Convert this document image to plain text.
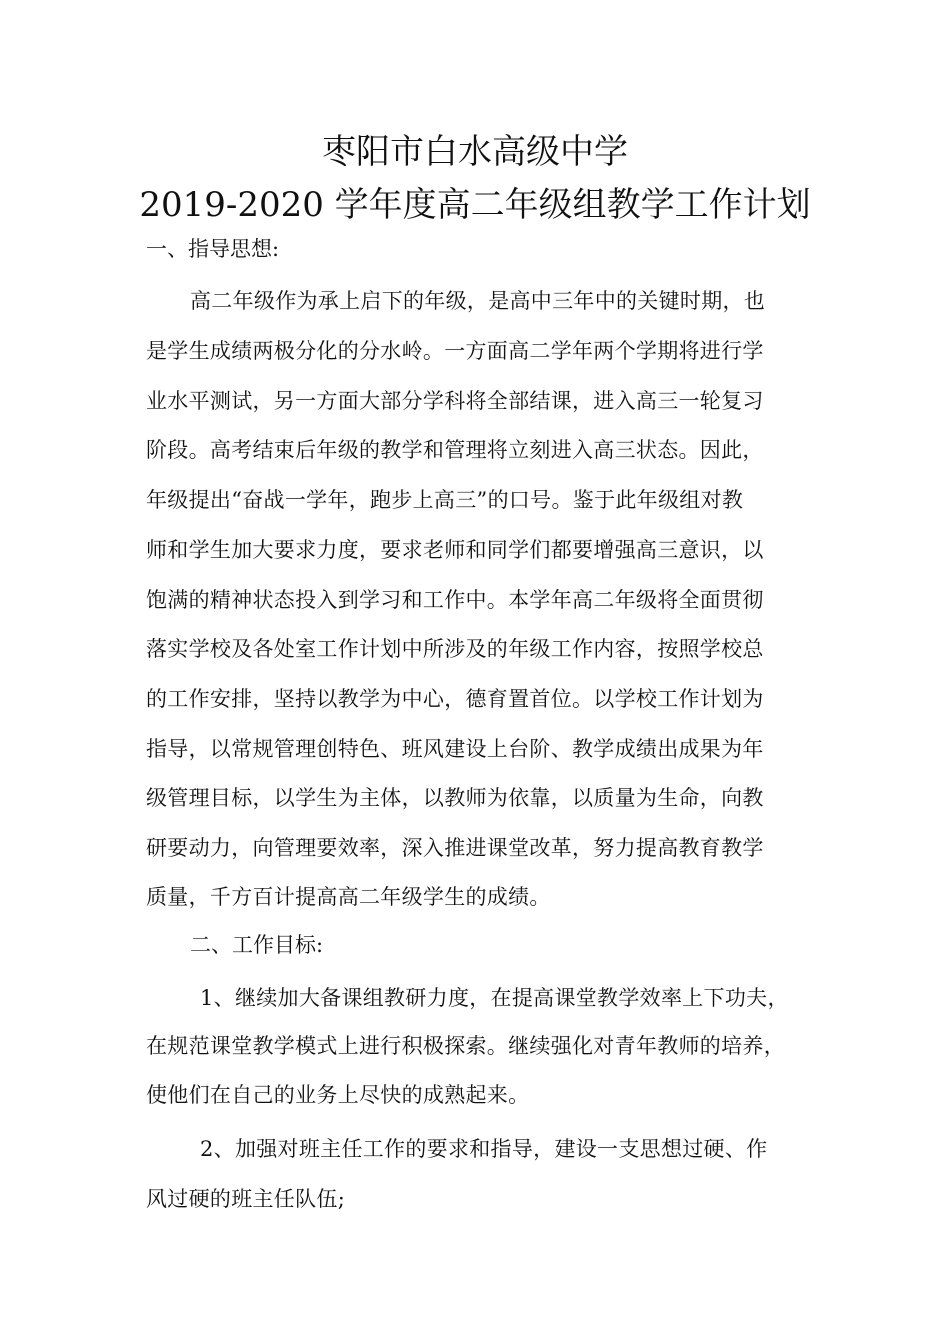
枣阳市白水高级中学
2019-2020 学年度高二年级组教学工作计划
一、指导思想:
高二年级作为承上启下的年级，是高中三年中的关键时期，也
是学生成绩两极分化的分水岭。一方面高二学年两个学期将进行学
业水平测试，另一方面大部分学科将全部结课，进入高三一轮复习
阶段。高考结束后年级的教学和管理将立刻进入高三状态。因此，
年级提出“奋战一学年，跑步上高三”的口号。鉴于此年级组对教
师和学生加大要求力度，要求老师和同学们都要增强高三意识，以
饱满的精神状态投入到学习和工作中。本学年高二年级将全面贯彻
落实学校及各处室工作计划中所涉及的年级工作内容，按照学校总
的工作安排，坚持以教学为中心，德育置首位。以学校工作计划为
指导，以常规管理创特色、班风建设上台阶、教学成绩出成果为年
级管理目标，以学生为主体，以教师为依靠，以质量为生命，向教
研要动力，向管理要效率，深入推进课堂改革，努力提高教育教学
质量，千方百计提高高二年级学生的成绩。
二、工作目标:
1、继续加大备课组教研力度，在提高课堂教学效率上下功夫，
在规范课堂教学模式上进行积极探索。继续强化对青年教师的培养，
使他们在自己的业务上尽快的成熟起来。
2、加强对班主任工作的要求和指导，建设一支思想过硬、作
风过硬的班主任队伍;
